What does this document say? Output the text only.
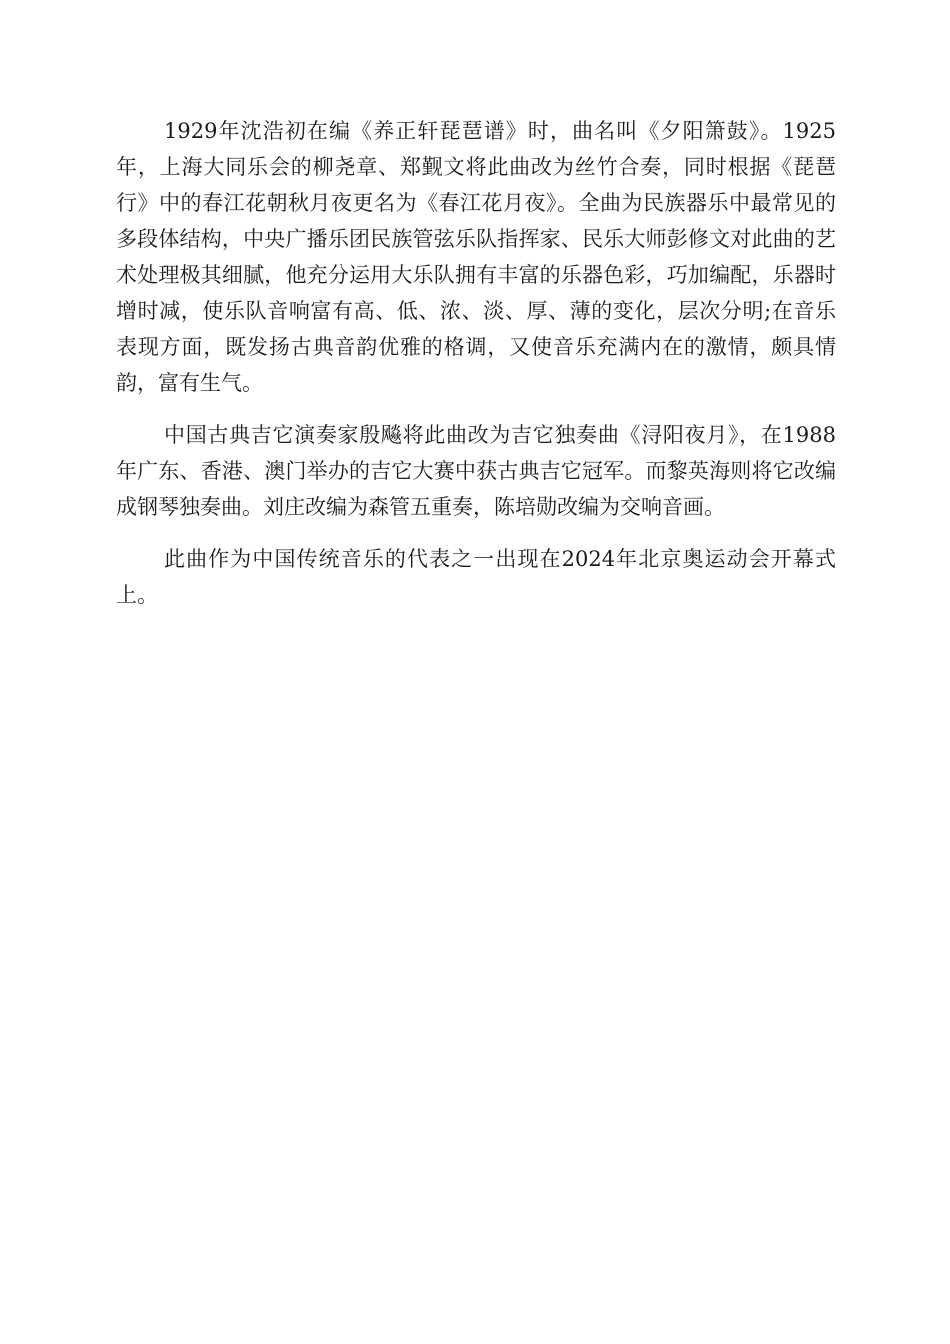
1929年沈浩初在编《养正轩琵琶谱》时，曲名叫《夕阳箫鼓》。1925年，上海大同乐会的柳尧章、郑觐文将此曲改为丝竹合奏，同时根据《琵琶行》中的春江花朝秋月夜更名为《春江花月夜》。全曲为民族器乐中最常见的多段体结构，中央广播乐团民族管弦乐队指挥家、民乐大师彭修文对此曲的艺术处理极其细腻，他充分运用大乐队拥有丰富的乐器色彩，巧加编配，乐器时增时减，使乐队音响富有高、低、浓、淡、厚、薄的变化，层次分明;在音乐表现方面，既发扬古典音韵优雅的格调，又使音乐充满内在的激情，颇具情韵，富有生气。

中国古典吉它演奏家殷飚将此曲改为吉它独奏曲《浔阳夜月》，在1988年广东、香港、澳门举办的吉它大赛中获古典吉它冠军。而黎英海则将它改编成钢琴独奏曲。刘庄改编为森管五重奏，陈培勋改编为交响音画。

此曲作为中国传统音乐的代表之一出现在2024年北京奥运动会开幕式上。
